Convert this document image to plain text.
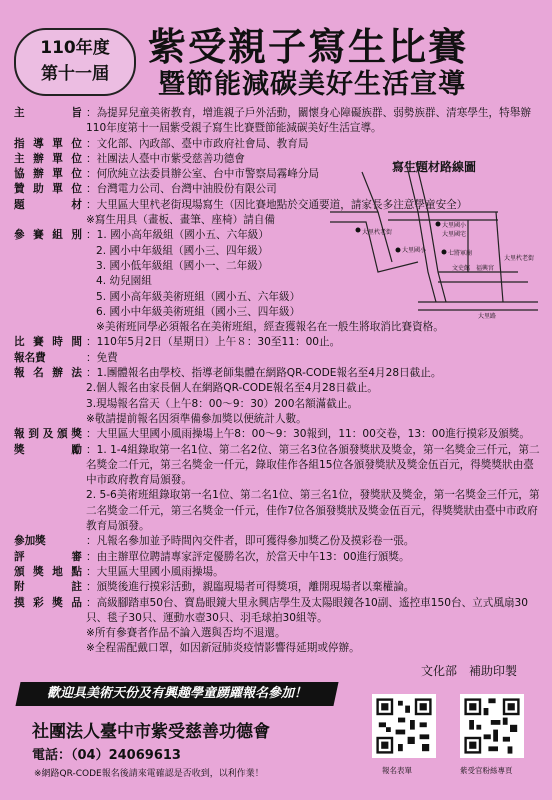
110年度
第十一屆
紫受親子寫生比賽
暨節能減碳美好生活宣導
主　　旨 ：為提昇兒童美術教育，增進親子戶外活動，關懷身心障礙族群、弱勢族群、清寒學生，特舉辦110年度第十一屆紫受親子寫生比賽暨節能減碳美好生活宣導。
指導單位 ：文化部、內政部、臺中市政府社會局、教育局
主辦單位 ：社團法人臺中市紫受慈善功德會
協辦單位 ：何欣純立法委員辦公室、台中市警察局霧峰分局
贊助單位 ：台灣電力公司、台灣中油股份有限公司
題　　材 ：大里區大里杙老街現場寫生（因比賽地點於交通要道，請家長多注意學童安全）
※寫生用具（畫板、畫筆、座椅）請自備
參賽組別 ：1. 國小高年級組（國小五、六年級）
2. 國小中年級組（國小三、四年級）
3. 國小低年級組（國小一、二年級）
4. 幼兒園組
5. 國小高年級美術班組（國小五、六年級）
6. 國小中年級美術班組（國小三、四年級）
※美術班同學必須報名在美術班組，經查獲報名在一般生將取消比賽資格。
比賽時間 ：110年5月2日（星期日）上午８：30至11：00止。
報名費	：免費
報名辦法 ：1.團體報名由學校、指導老師集體在網路QR-CODE報名至4月28日截止。
2.個人報名由家長個人在網路QR-CODE報名至4月28日截止。
3.現場報名當天（上午8：00～9：30）200名額滿截止。
※敬請提前報名因須準備參加獎以便統計人數。
報到及頒獎 ：大里區大里國小風雨操場上午8：00～9：30報到，11：00交卷，13：00進行摸彩及頒獎。
獎　　勵 ：1. 1-4組錄取第一名1位、第二名2位、第三名3位各頒發獎狀及獎金，第一名獎金三仟元，第二名獎金二仟元，第三名獎金一仟元，錄取佳作各組15位各頒發獎狀及獎金伍百元，得獎獎狀由臺中市政府教育局頒發。
2. 5-6美術班組錄取第一名1位、第二名1位、第三名1位，發獎狀及獎金，第一名獎金三仟元，第二名獎金二仟元，第三名獎金一仟元，佳作7位各頒發獎狀及獎金伍百元，得獎獎狀由臺中市政府教育局頒發。
參加獎	：凡報名參加並予時間內交件者，即可獲得參加獎乙份及摸彩卷一張。
評　　審 ：由主辦單位聘請專家評定優勝名次，於當天中午13：00進行頒獎。
頒獎地點 ：大里區大里國小風雨操場。
附　　註 ：頒獎後進行摸彩活動，親臨現場者可得獎項，離開現場者以棄權論。
摸彩獎品 ：高級腳踏車50台、寶島眼鏡大里永興店學生及太陽眼鏡各10副、遙控車150台、立式風扇30只、毯子30只、運動水壺30只、羽毛球拍30組等。
※所有參賽者作品不論入選與否均不退還。
※全程需配戴口罩，如因新冠肺炎疫情影響得延期或停辦。
寫生題材路線圖
大里杙老街
大里國小
大里國小
大里國宅
七將軍廟
文史館 福興宮
大里杙老街
大里路
文化部　補助印製
歡迎具美術天份及有興趣學童踴躍報名參加！
社團法人臺中市紫受慈善功德會
電話：（04）24069613
※網路QR-CODE報名後請來電確認是否收到，以利作業！	報名表單	紫受官粉絲專頁
